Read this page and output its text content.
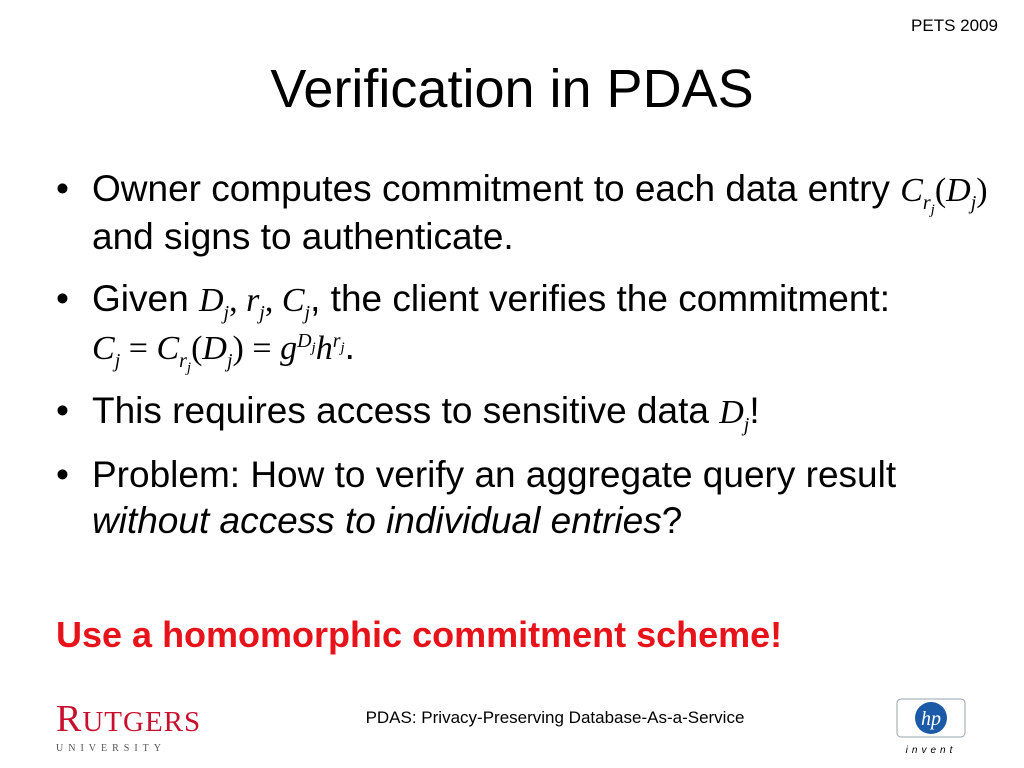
PETS 2009
Verification in PDAS
• Owner computes commitment to each data entry $C_{r_j}(D_j)$ and signs to authenticate.
• Given $D_j$, $r_j$, $C_j$, the client verifies the commitment: $C_j = C_{r_j}(D_j) = g^{D_j}h^{r_j}$.
• This requires access to sensitive data $D_j$!
• Problem: How to verify an aggregate query result without access to individual entries?
Use a homomorphic commitment scheme!
RUTGERS
UNIVERSITY
PDAS: Privacy-Preserving Database-As-a-Service	hp
invent
